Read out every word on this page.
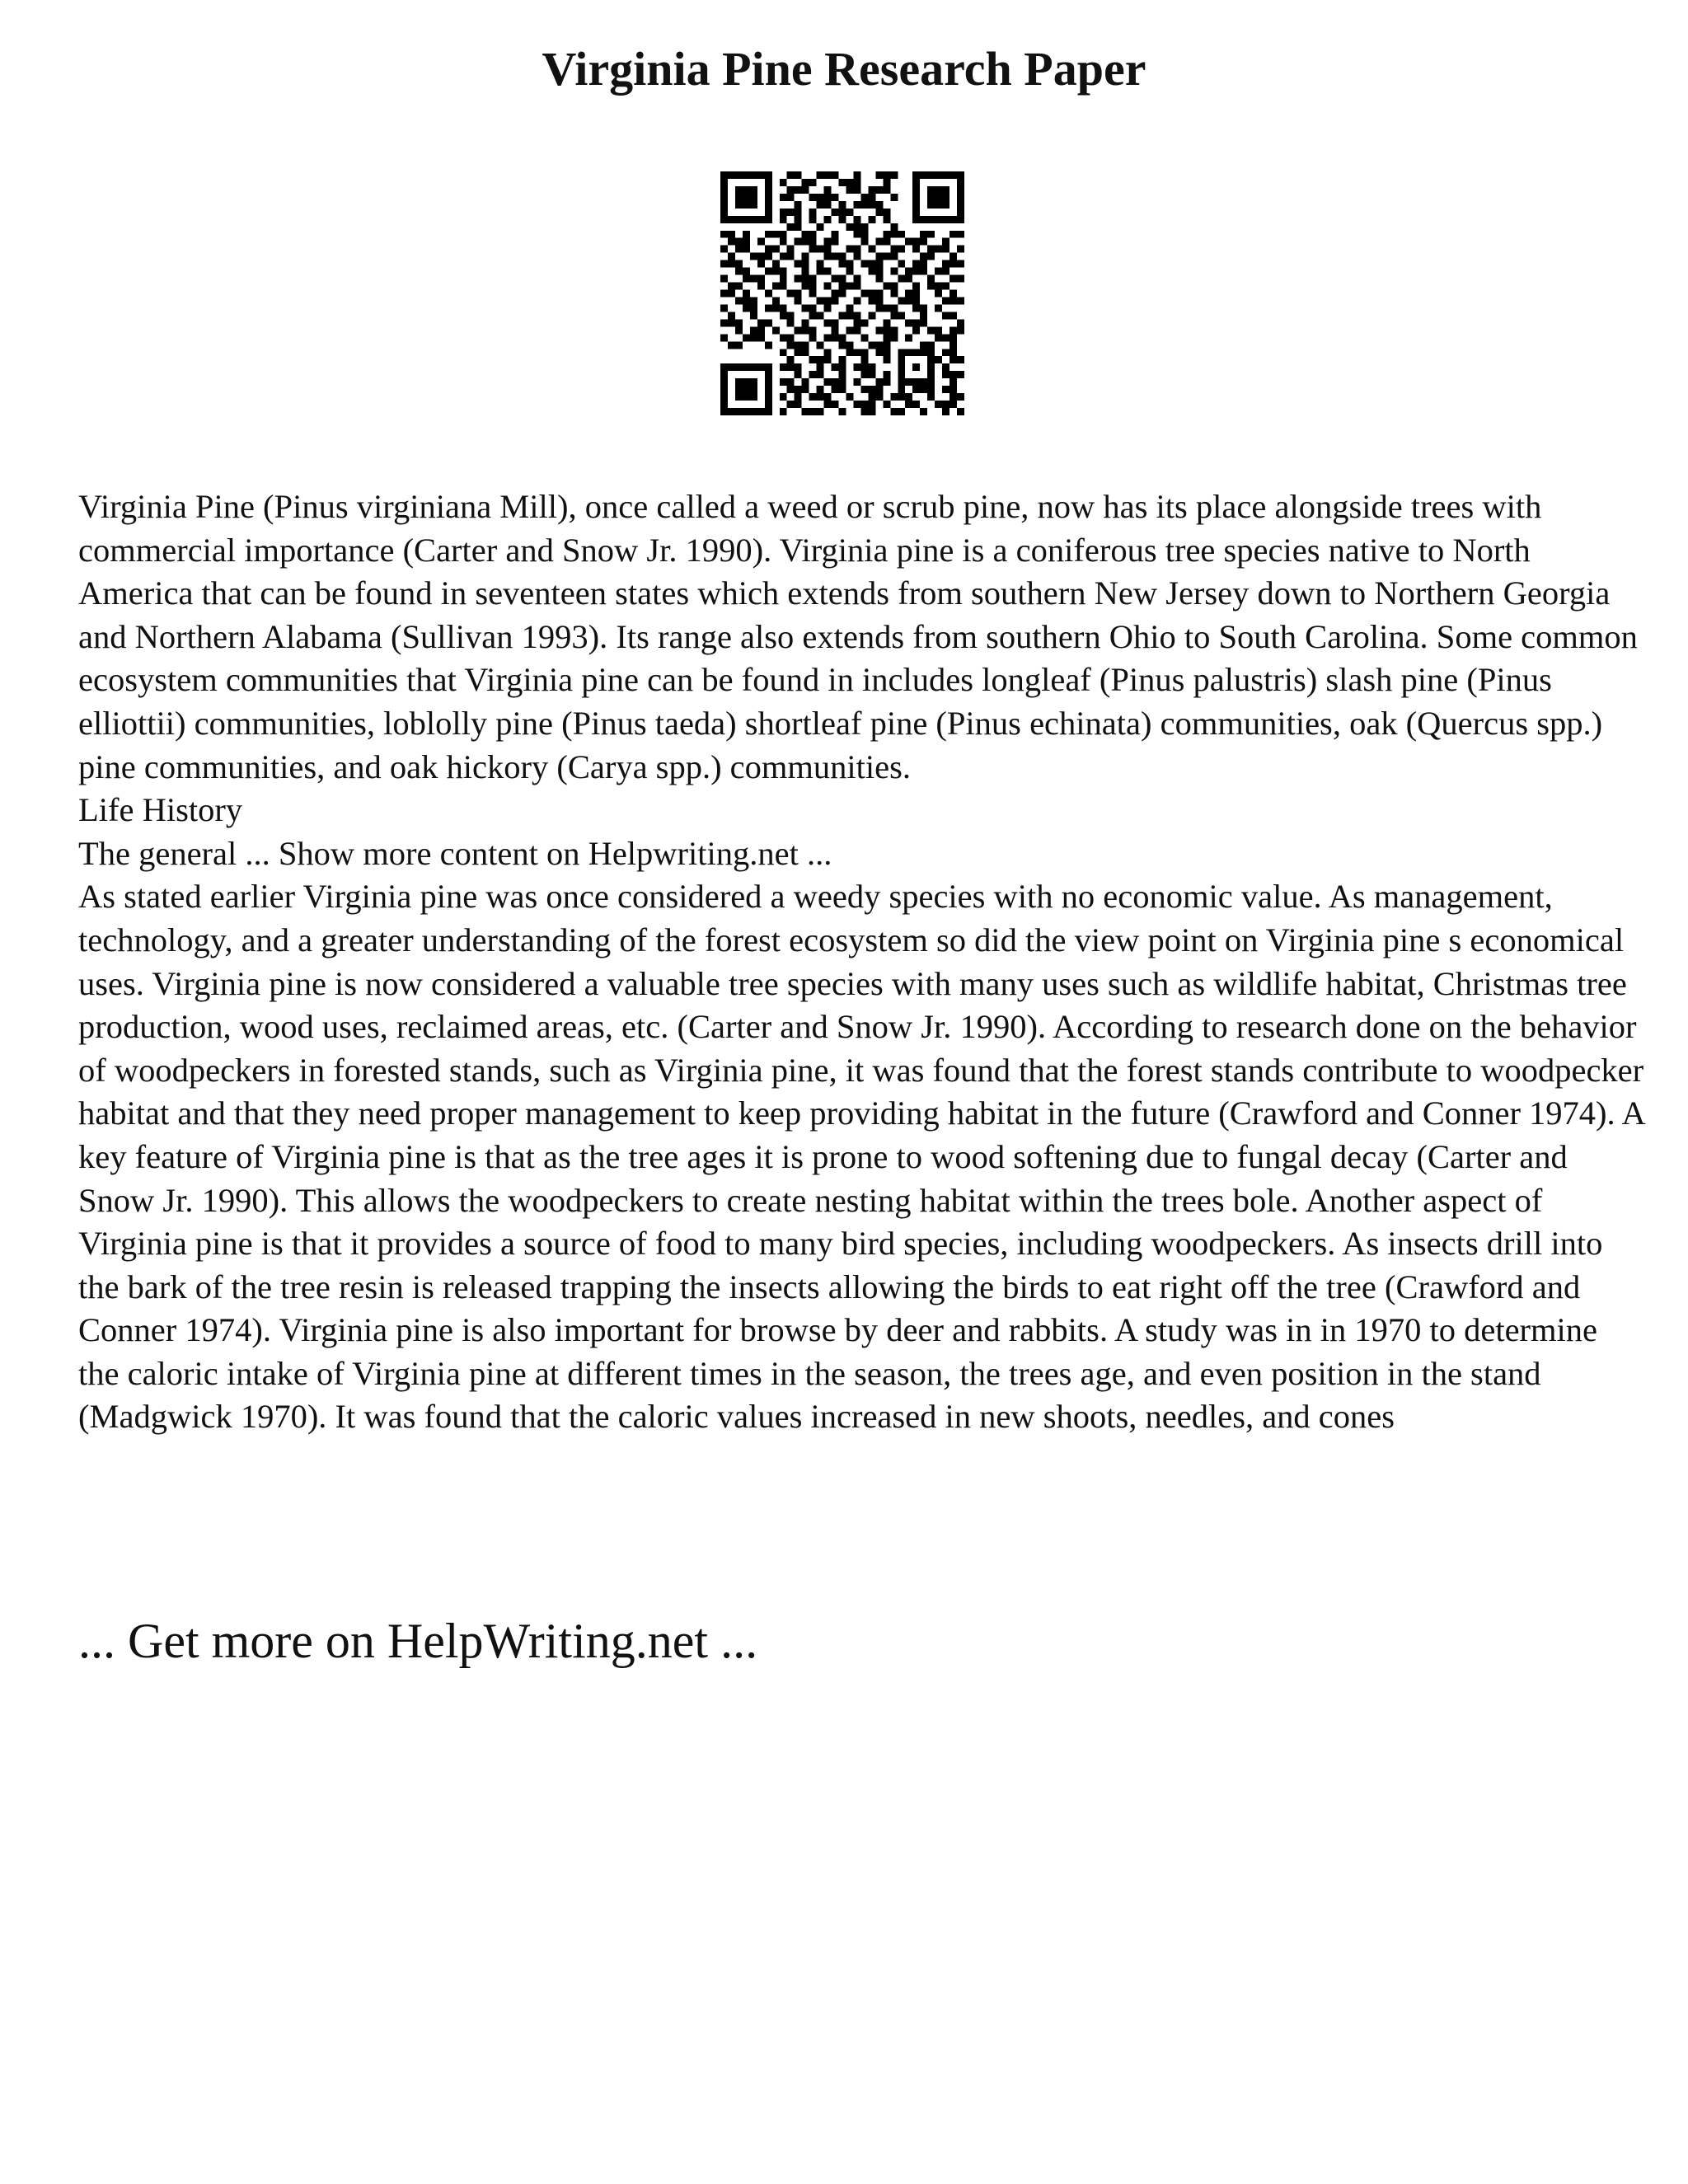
Virginia Pine Research Paper

Virginia Pine (Pinus virginiana Mill), once called a weed or scrub pine, now has its place alongside trees with commercial importance (Carter and Snow Jr. 1990). Virginia pine is a coniferous tree species native to North America that can be found in seventeen states which extends from southern New Jersey down to Northern Georgia and Northern Alabama (Sullivan 1993). Its range also extends from southern Ohio to South Carolina. Some common ecosystem communities that Virginia pine can be found in includes longleaf (Pinus palustris) slash pine (Pinus elliottii) communities, loblolly pine (Pinus taeda) shortleaf pine (Pinus echinata) communities, oak (Quercus spp.) pine communities, and oak hickory (Carya spp.) communities.

Life History

The general ... Show more content on Helpwriting.net ...

As stated earlier Virginia pine was once considered a weedy species with no economic value. As management, technology, and a greater understanding of the forest ecosystem so did the view point on Virginia pine s economical uses. Virginia pine is now considered a valuable tree species with many uses such as wildlife habitat, Christmas tree production, wood uses, reclaimed areas, etc. (Carter and Snow Jr. 1990). According to research done on the behavior of woodpeckers in forested stands, such as Virginia pine, it was found that the forest stands contribute to woodpecker habitat and that they need proper management to keep providing habitat in the future (Crawford and Conner 1974). A key feature of Virginia pine is that as the tree ages it is prone to wood softening due to fungal decay (Carter and Snow Jr. 1990). This allows the woodpeckers to create nesting habitat within the trees bole. Another aspect of Virginia pine is that it provides a source of food to many bird species, including woodpeckers. As insects drill into the bark of the tree resin is released trapping the insects allowing the birds to eat right off the tree (Crawford and Conner 1974). Virginia pine is also important for browse by deer and rabbits. A study was in in 1970 to determine the caloric intake of Virginia pine at different times in the season, the trees age, and even position in the stand (Madgwick 1970). It was found that the caloric values increased in new shoots, needles, and cones

... Get more on HelpWriting.net ...
